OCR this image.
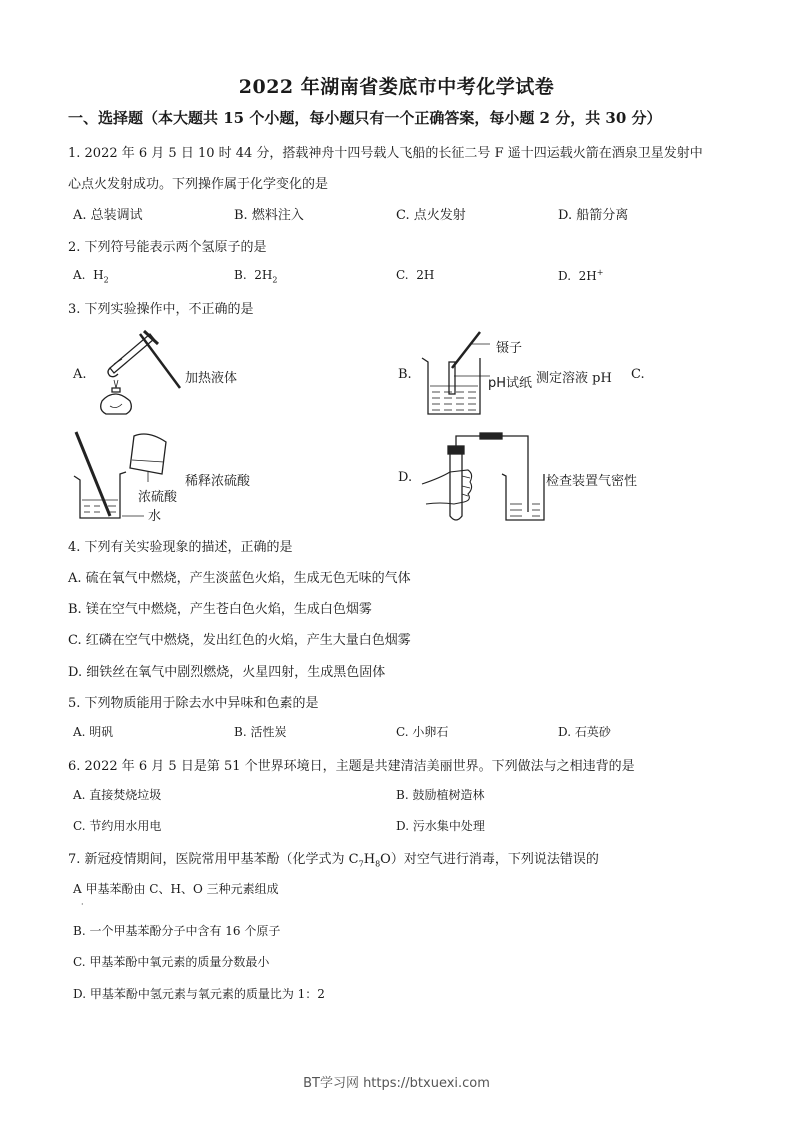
2022 年湖南省娄底市中考化学试卷
一、选择题（本大题共 15 个小题，每小题只有一个正确答案，每小题 2 分，共 30 分）
1. 2022 年 6 月 5 日 10 时 44 分，搭载神舟十四号载人飞船的长征二号 F 遥十四运载火箭在酒泉卫星发射中
心点火发射成功。下列操作属于化学变化的是
A. 总装调试	B. 燃料注入	C. 点火发射	D. 船箭分离
2. 下列符号能表示两个氢原子的是
A. $H_2$	B. $2H_2$	C. 2H	D. 2H+
3. 下列实验操作中，不正确的是
A.	加热液体	B.
镊子
pH试纸 测定溶液 pH C.
浓硫酸
水
稀释浓硫酸	D.	检查装置气密性
4. 下列有关实验现象的描述，正确的是
A. 硫在氧气中燃烧，产生淡蓝色火焰，生成无色无味的气体
B. 镁在空气中燃烧，产生苍白色火焰，生成白色烟雾
C. 红磷在空气中燃烧，发出红色的火焰，产生大量白色烟雾
D. 细铁丝在氧气中剧烈燃烧，火星四射，生成黑色固体
5. 下列物质能用于除去水中异味和色素的是
A. 明矾	B. 活性炭	C. 小卵石	D. 石英砂
6. 2022 年 6 月 5 日是第 51 个世界环境日，主题是共建清洁美丽世界。下列做法与之相违背的是
A. 直接焚烧垃圾	B. 鼓励植树造林
C. 节约用水用电	D. 污水集中处理
7. 新冠疫情期间，医院常用甲基苯酚（化学式为 $C_7H_8O$）对空气进行消毒，下列说法错误的
A 甲基苯酚由 C、H、O 三种元素组成
·
B. 一个甲基苯酚分子中含有 16 个原子
C. 甲基苯酚中氧元素的质量分数最小
D. 甲基苯酚中氢元素与氧元素的质量比为 1：2
BT学习网 https://btxuexi.com
